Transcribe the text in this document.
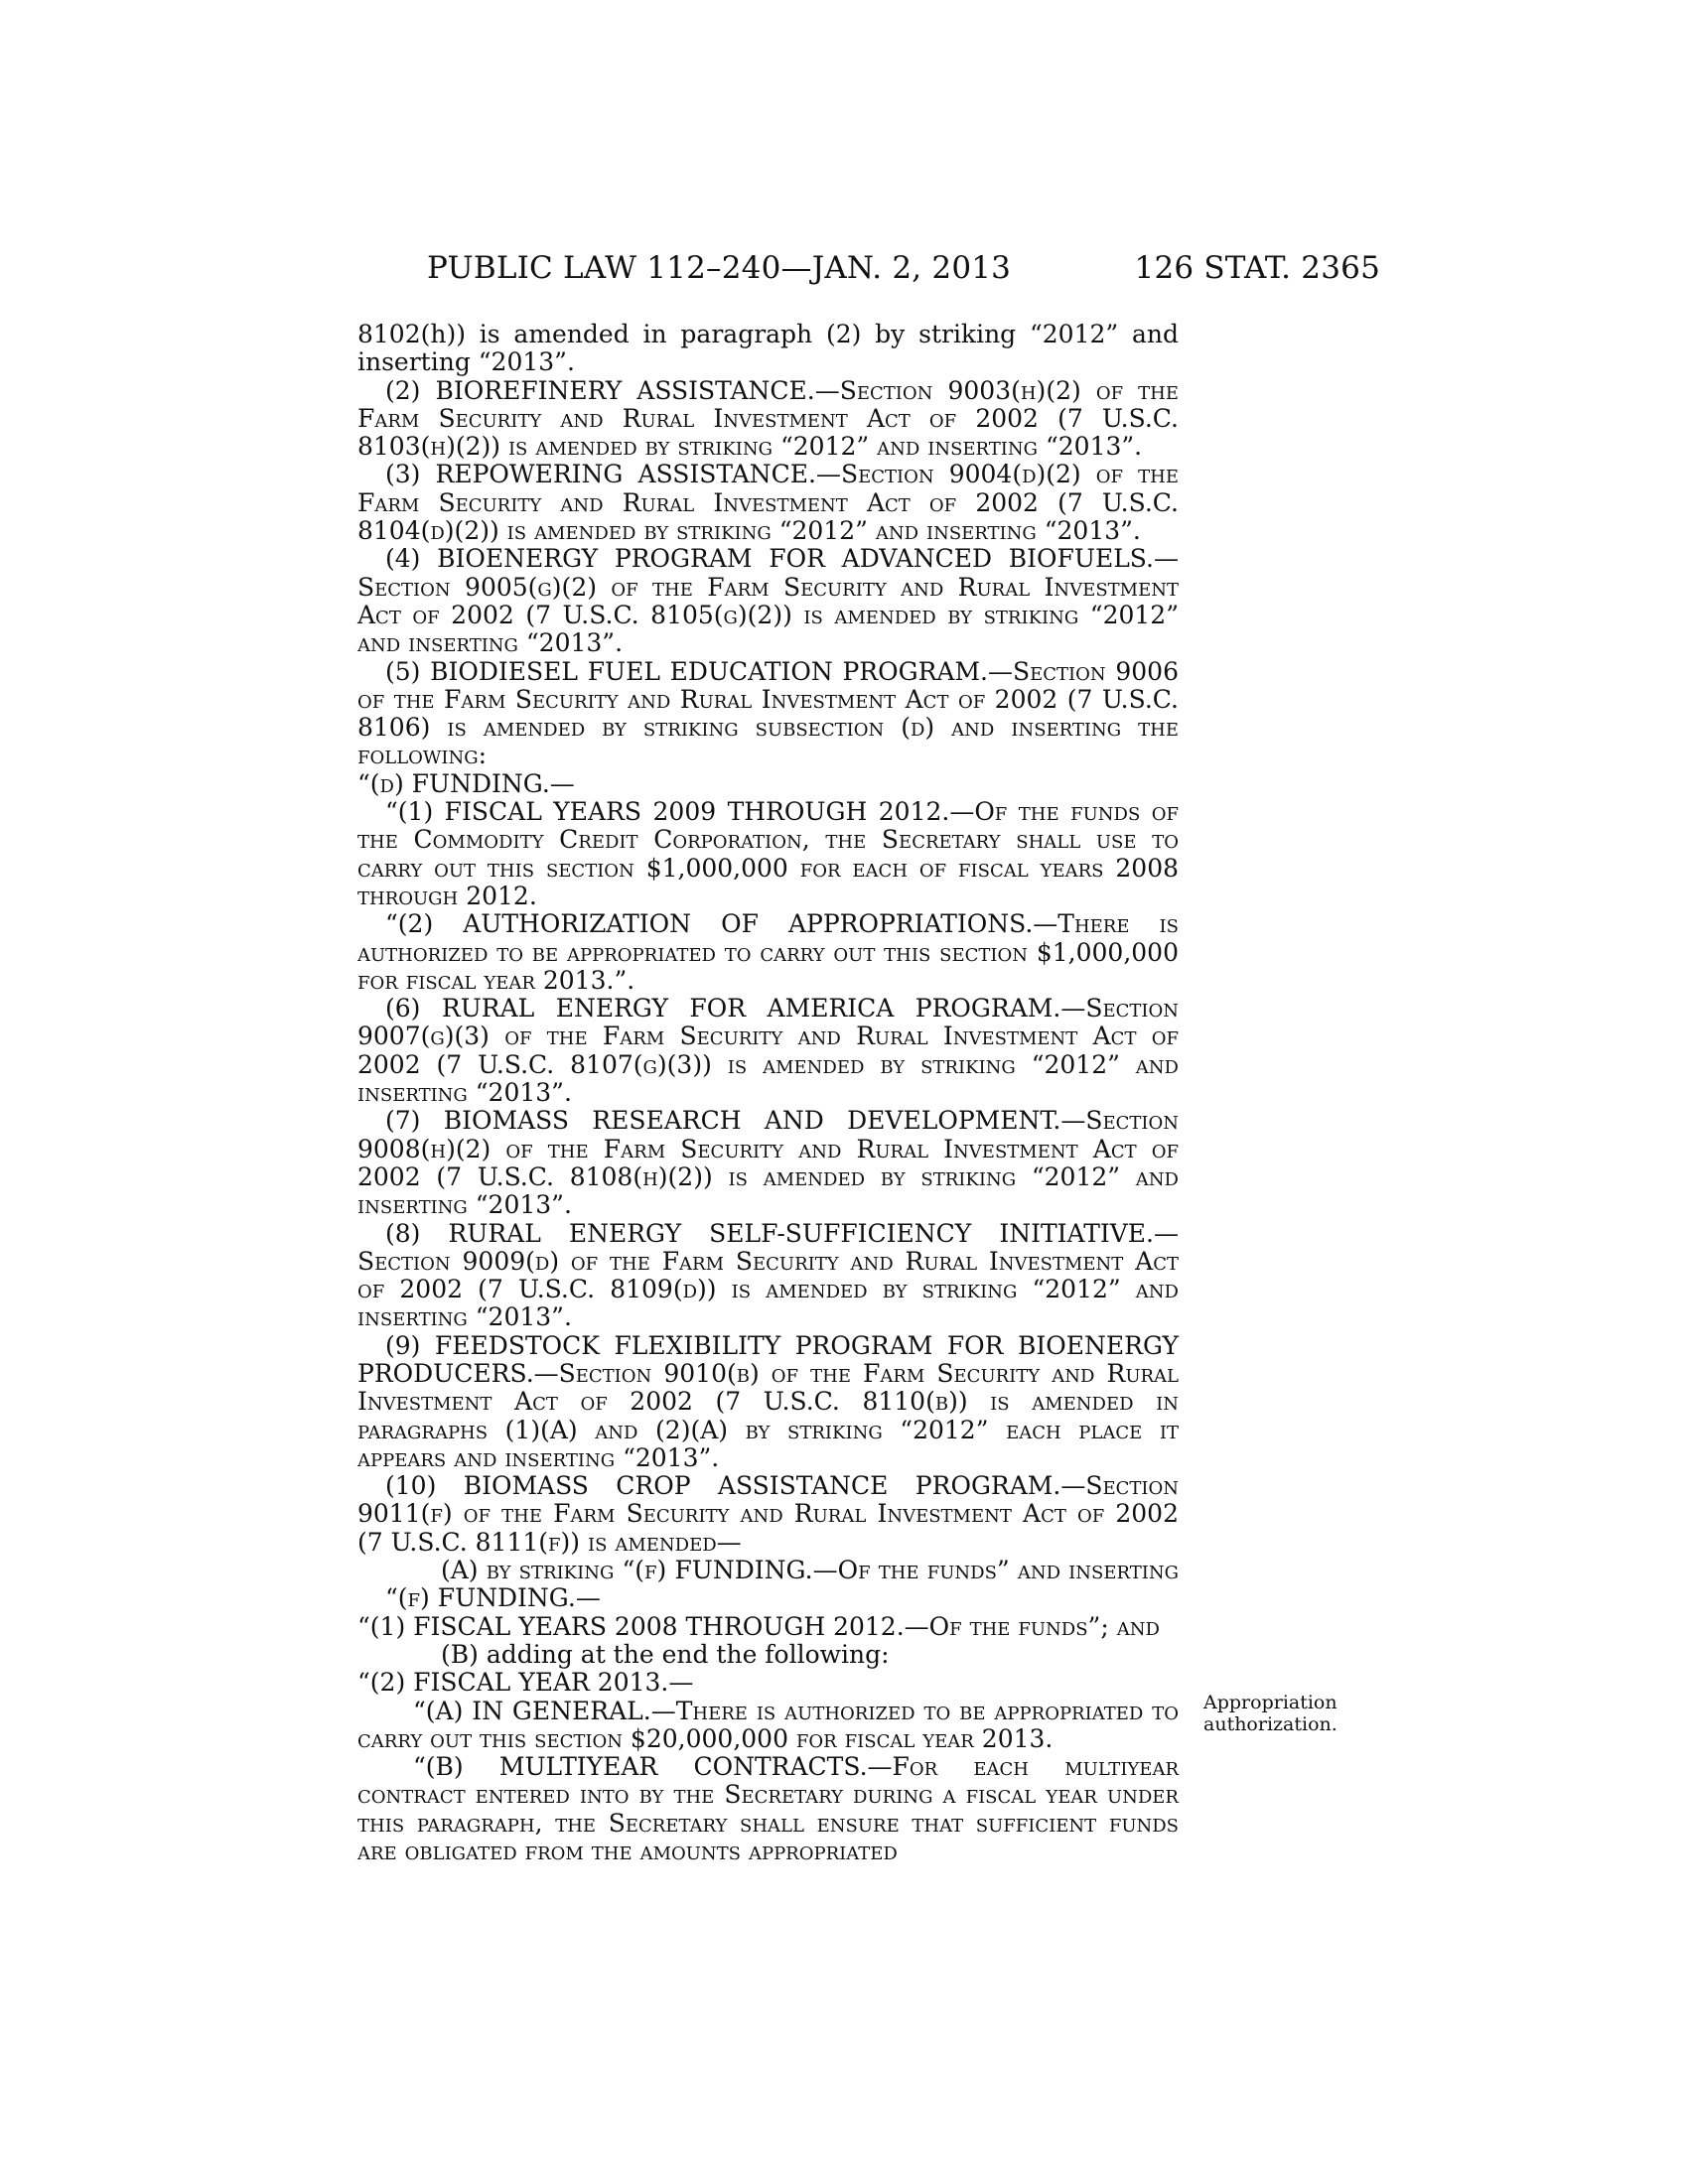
PUBLIC LAW 112–240—JAN. 2, 2013	126 STAT. 2365

8102(h)) is amended in paragraph (2) by striking “2012” and inserting “2013”.

(2) BIOREFINERY ASSISTANCE.—Section 9003(h)(2) of the Farm Security and Rural Investment Act of 2002 (7 U.S.C. 8103(h)(2)) is amended by striking “2012” and inserting “2013”.

(3) REPOWERING ASSISTANCE.—Section 9004(d)(2) of the Farm Security and Rural Investment Act of 2002 (7 U.S.C. 8104(d)(2)) is amended by striking “2012” and inserting “2013”.

(4) BIOENERGY PROGRAM FOR ADVANCED BIOFUELS.—Section 9005(g)(2) of the Farm Security and Rural Investment Act of 2002 (7 U.S.C. 8105(g)(2)) is amended by striking “2012” and inserting “2013”.

(5) BIODIESEL FUEL EDUCATION PROGRAM.—Section 9006 of the Farm Security and Rural Investment Act of 2002 (7 U.S.C. 8106) is amended by striking subsection (d) and inserting the following:

“(d) FUNDING.—

“(1) FISCAL YEARS 2009 THROUGH 2012.—Of the funds of the Commodity Credit Corporation, the Secretary shall use to carry out this section $1,000,000 for each of fiscal years 2008 through 2012.

“(2) AUTHORIZATION OF APPROPRIATIONS.—There is authorized to be appropriated to carry out this section $1,000,000 for fiscal year 2013.”.

(6) RURAL ENERGY FOR AMERICA PROGRAM.—Section 9007(g)(3) of the Farm Security and Rural Investment Act of 2002 (7 U.S.C. 8107(g)(3)) is amended by striking “2012” and inserting “2013”.

(7) BIOMASS RESEARCH AND DEVELOPMENT.—Section 9008(h)(2) of the Farm Security and Rural Investment Act of 2002 (7 U.S.C. 8108(h)(2)) is amended by striking “2012” and inserting “2013”.

(8) RURAL ENERGY SELF-SUFFICIENCY INITIATIVE.—Section 9009(d) of the Farm Security and Rural Investment Act of 2002 (7 U.S.C. 8109(d)) is amended by striking “2012” and inserting “2013”.

(9) FEEDSTOCK FLEXIBILITY PROGRAM FOR BIOENERGY PRODUCERS.—Section 9010(b) of the Farm Security and Rural Investment Act of 2002 (7 U.S.C. 8110(b)) is amended in paragraphs (1)(A) and (2)(A) by striking “2012” each place it appears and inserting “2013”.

(10) BIOMASS CROP ASSISTANCE PROGRAM.—Section 9011(f) of the Farm Security and Rural Investment Act of 2002 (7 U.S.C. 8111(f)) is amended—

(A) by striking “(f) FUNDING.—Of the funds” and inserting “(f) FUNDING.—

“(1) FISCAL YEARS 2008 THROUGH 2012.—Of the funds”; and

(B) adding at the end the following:

“(2) FISCAL YEAR 2013.—

“(A) IN GENERAL.—There is authorized to be appropriated to carry out this section $20,000,000 for fiscal year 2013.

“(B) MULTIYEAR CONTRACTS.—For each multiyear contract entered into by the Secretary during a fiscal year under this paragraph, the Secretary shall ensure that sufficient funds are obligated from the amounts appropriated

Appropriation authorization.
